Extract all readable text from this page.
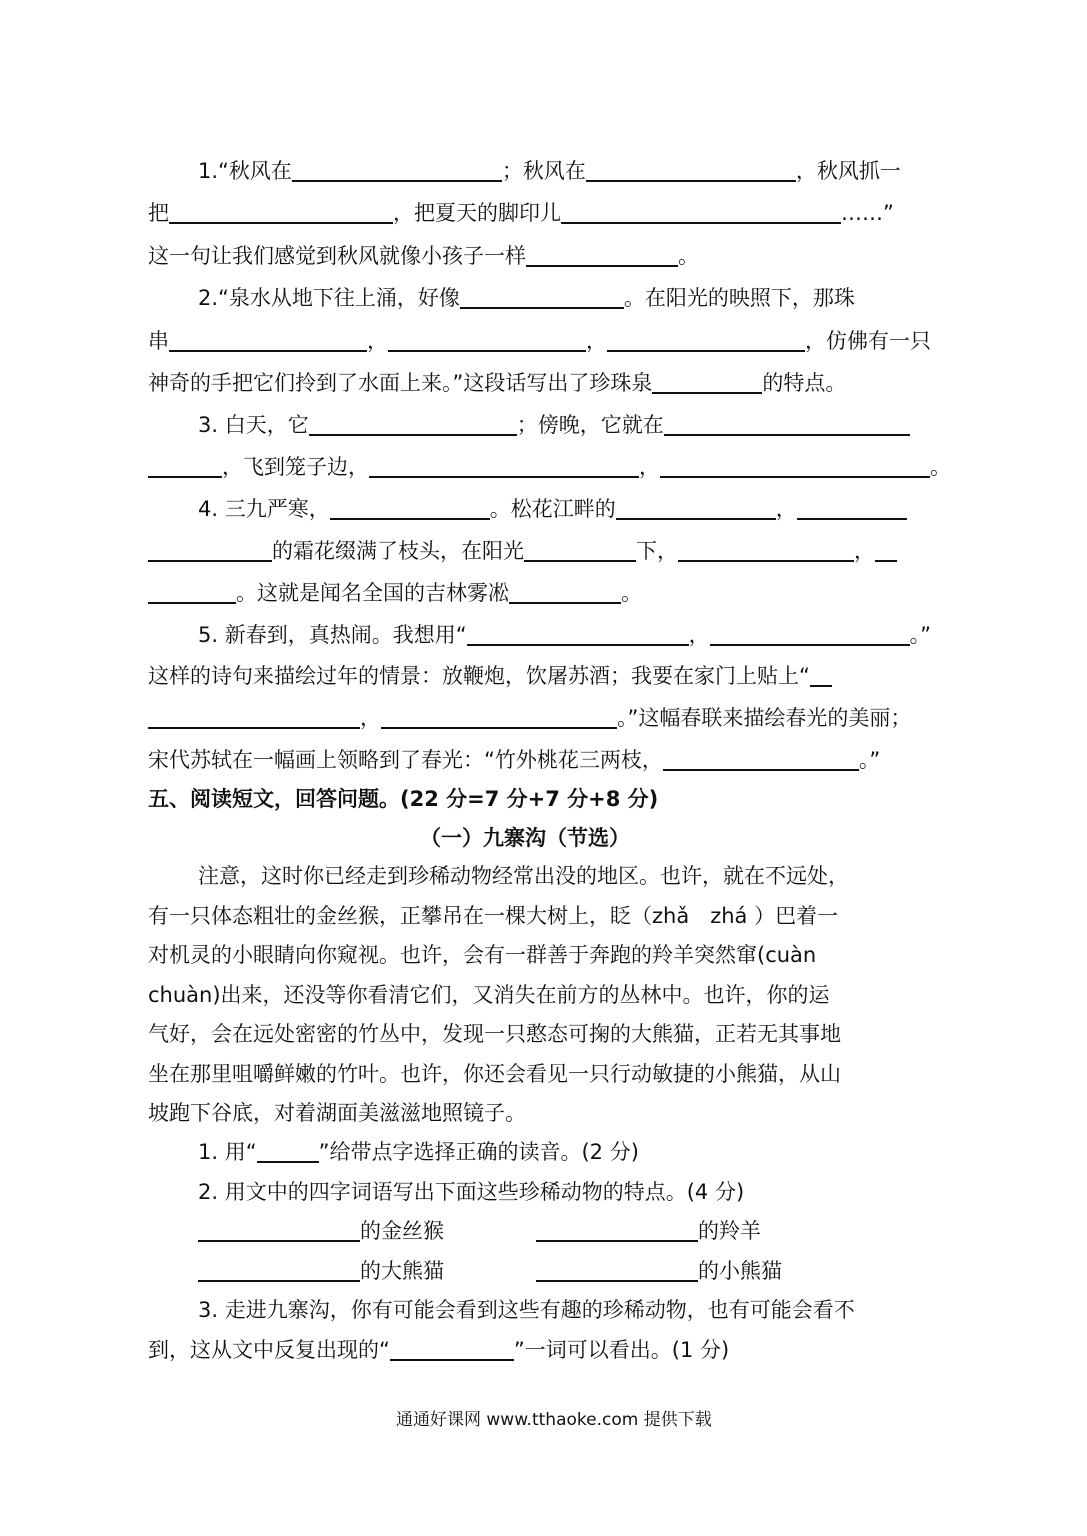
1.“秋风在	；秋风在	，秋风抓一
把	，把夏天的脚印儿	……”
这一句让我们感觉到秋风就像小孩子一样	。
2.“泉水从地下往上涌，好像	。在阳光的映照下，那珠
串	，	，	，仿佛有一只
神奇的手把它们拎到了水面上来。”这段话写出了珍珠泉	的特点。
3. 白天，它	；傍晚，它就在
，飞到笼子边，	，	。
4. 三九严寒，	。松花江畔的	，
的霜花缀满了枝头，在阳光	下，	，
。这就是闻名全国的吉林雾凇	。
5. 新春到，真热闹。我想用“	，	。”
这样的诗句来描绘过年的情景：放鞭炮，饮屠苏酒；我要在家门上贴上“
，	。”这幅春联来描绘春光的美丽；
宋代苏轼在一幅画上领略到了春光：“竹外桃花三两枝，	。”
五、阅读短文，回答问题。(22 分=7 分+7 分+8 分)
（一）九寨沟（节选）
注意，这时你已经走到珍稀动物经常出没的地区。也许，就在不远处，
有一只体态粗壮的金丝猴，正攀吊在一棵大树上，眨（zhǎ　zhá ）巴着一
对机灵的小眼睛向你窥视。也许，会有一群善于奔跑的羚羊突然窜(cuàn
chuàn)出来，还没等你看清它们，又消失在前方的丛林中。也许，你的运
气好，会在远处密密的竹丛中，发现一只憨态可掬的大熊猫，正若无其事地
坐在那里咀嚼鲜嫩的竹叶。也许，你还会看见一只行动敏捷的小熊猫，从山
坡跑下谷底，对着湖面美滋滋地照镜子。
1. 用“	”给带点字选择正确的读音。(2 分)
2. 用文中的四字词语写出下面这些珍稀动物的特点。(4 分)
的金丝猴	的羚羊
的大熊猫	的小熊猫
3. 走进九寨沟，你有可能会看到这些有趣的珍稀动物，也有可能会看不
到，这从文中反复出现的“	”一词可以看出。(1 分)
通通好课网 www.tthaoke.com 提供下载
